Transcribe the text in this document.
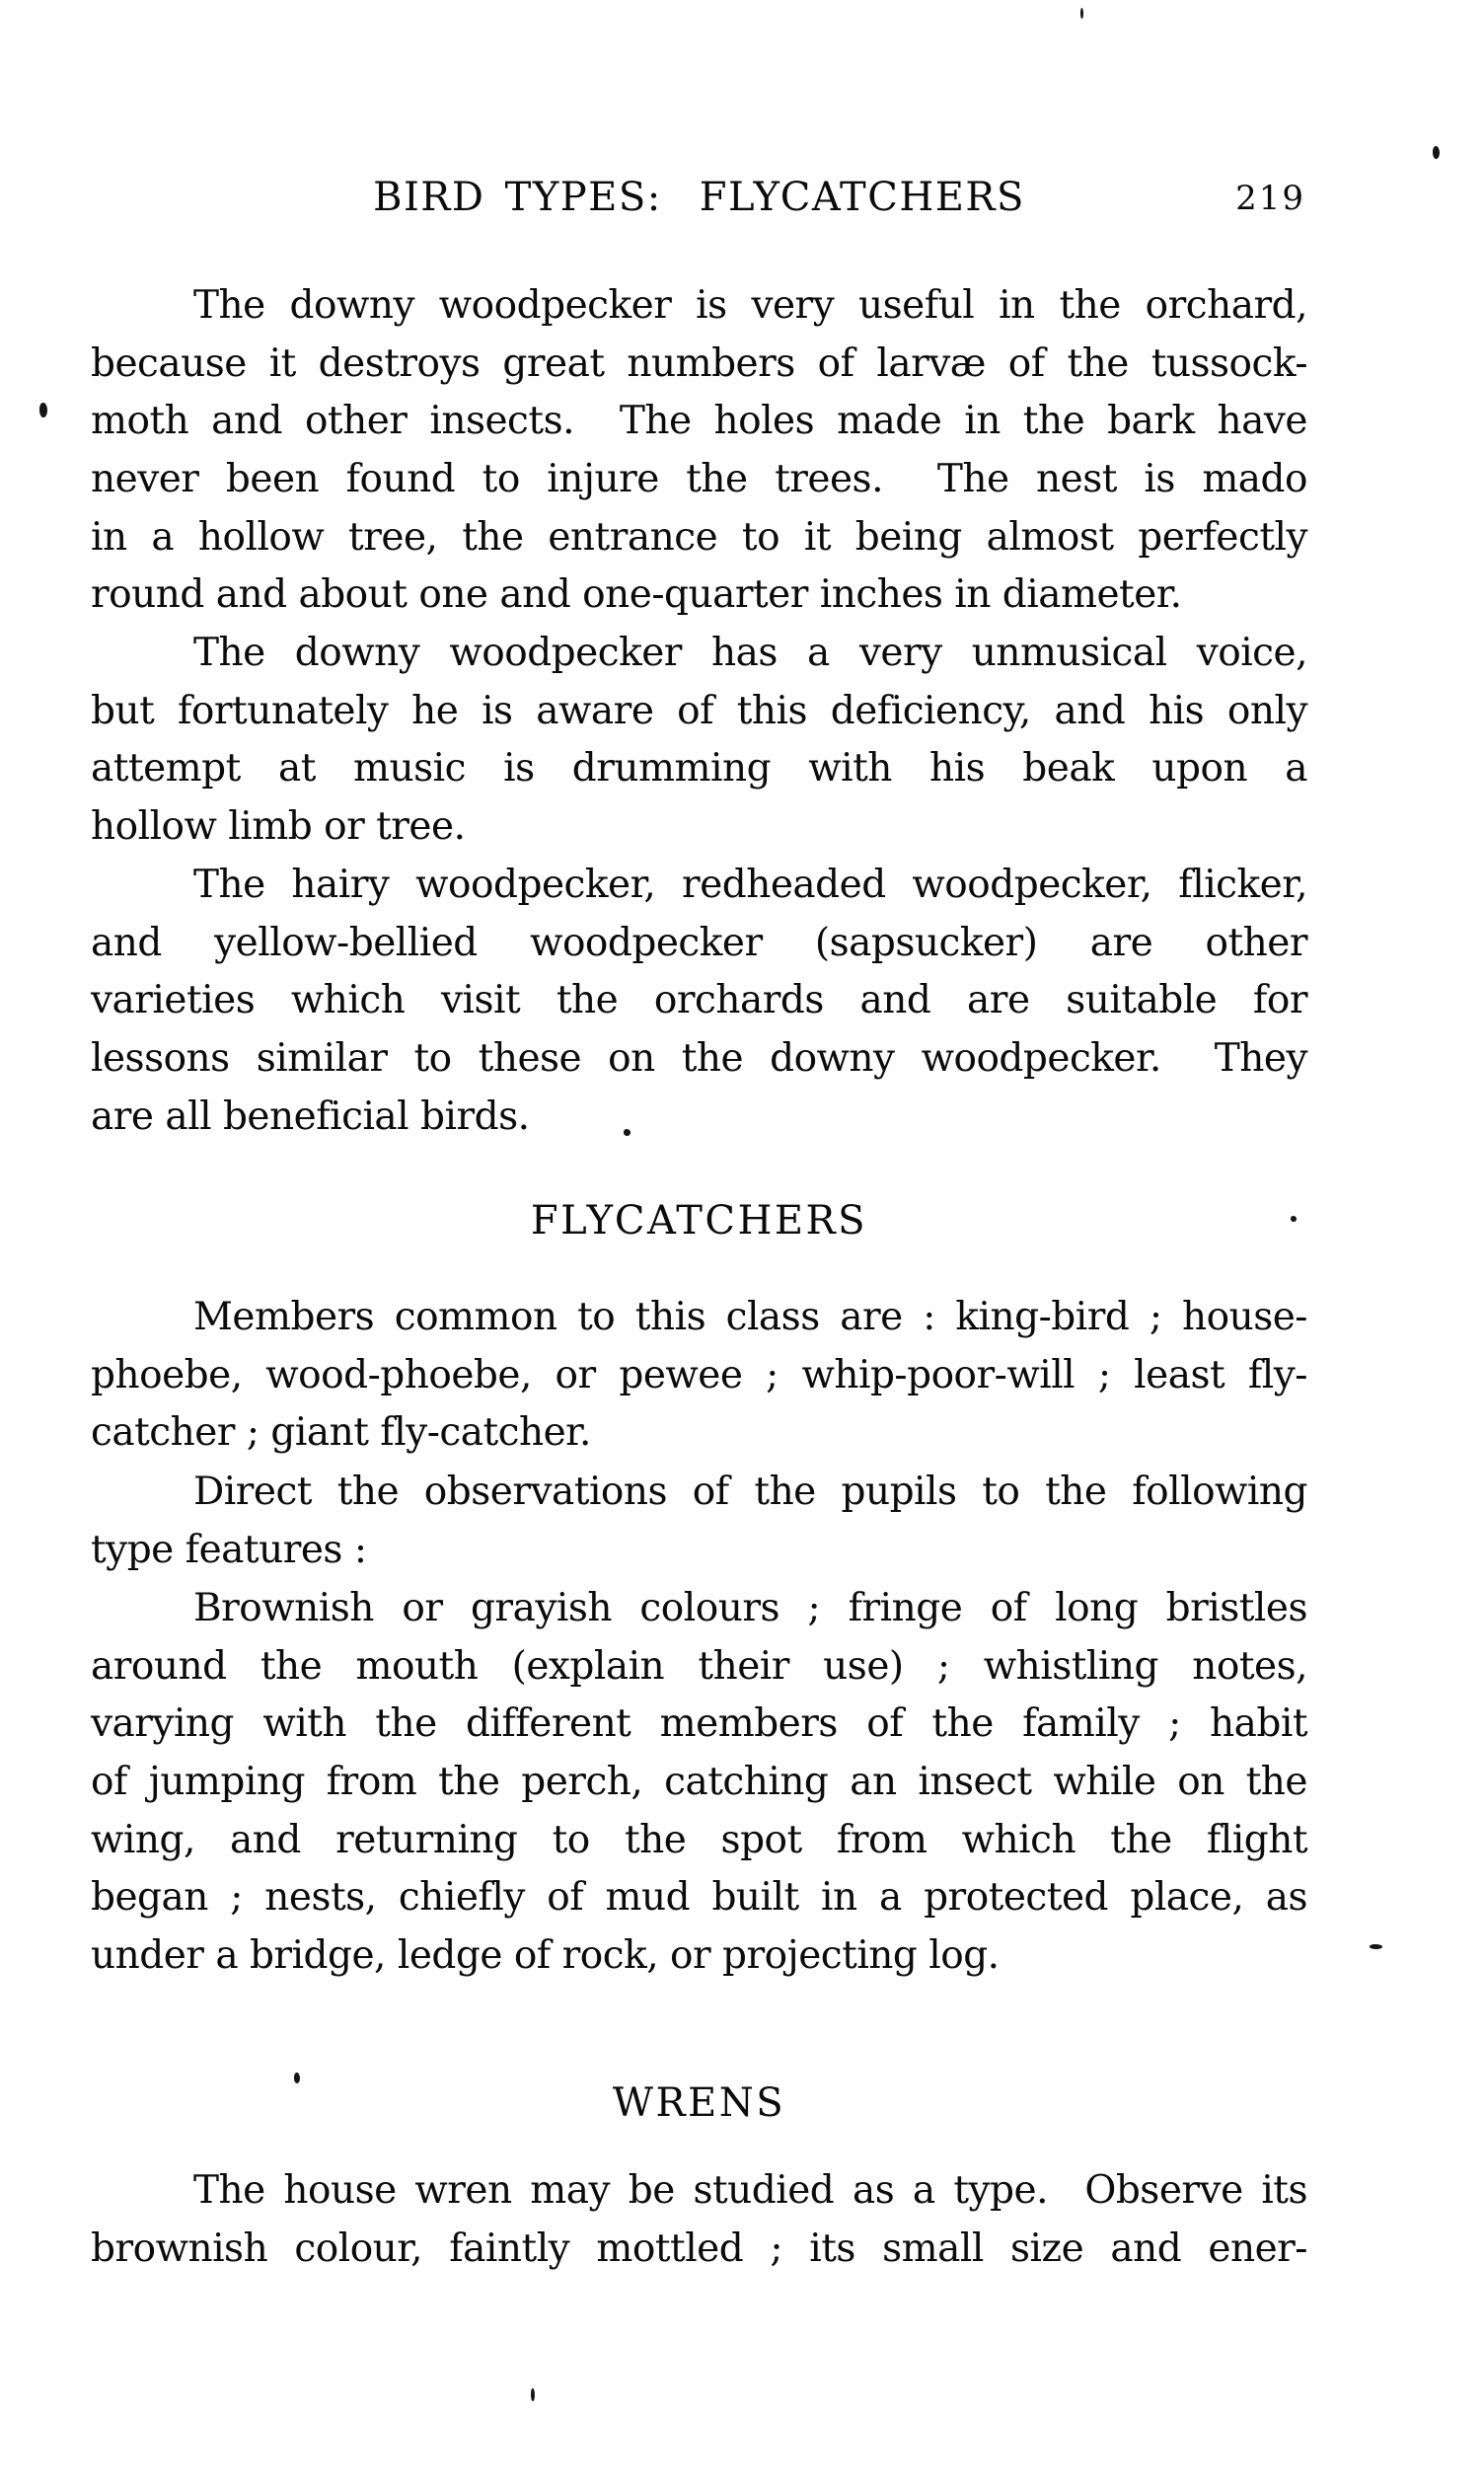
BIRD TYPES: FLYCATCHERS	219
The downy woodpecker is very useful in the orchard,
because it destroys great numbers of larvæ of the tussock-
moth and other insects.  The holes made in the bark have
never been found to injure the trees.  The nest is mado
in a hollow tree, the entrance to it being almost perfectly
round and about one and one-quarter inches in diameter.
The downy woodpecker has a very unmusical voice,
but fortunately he is aware of this deficiency, and his only
attempt at music is drumming with his beak upon a
hollow limb or tree.
The hairy woodpecker, redheaded woodpecker, flicker,
and yellow-bellied woodpecker (sapsucker) are other
varieties which visit the orchards and are suitable for
lessons similar to these on the downy woodpecker.  They
are all beneficial birds.
FLYCATCHERS
Members common to this class are : king-bird ; house-
phoebe, wood-phoebe, or pewee ; whip-poor-will ; least fly-
catcher ; giant fly-catcher.
Direct the observations of the pupils to the following
type features :
Brownish or grayish colours ; fringe of long bristles
around the mouth (explain their use) ; whistling notes,
varying with the different members of the family ; habit
of jumping from the perch, catching an insect while on the
wing, and returning to the spot from which the flight
began ; nests, chiefly of mud built in a protected place, as
under a bridge, ledge of rock, or projecting log.
WRENS
The house wren may be studied as a type.  Observe its
brownish colour, faintly mottled ; its small size and ener-
